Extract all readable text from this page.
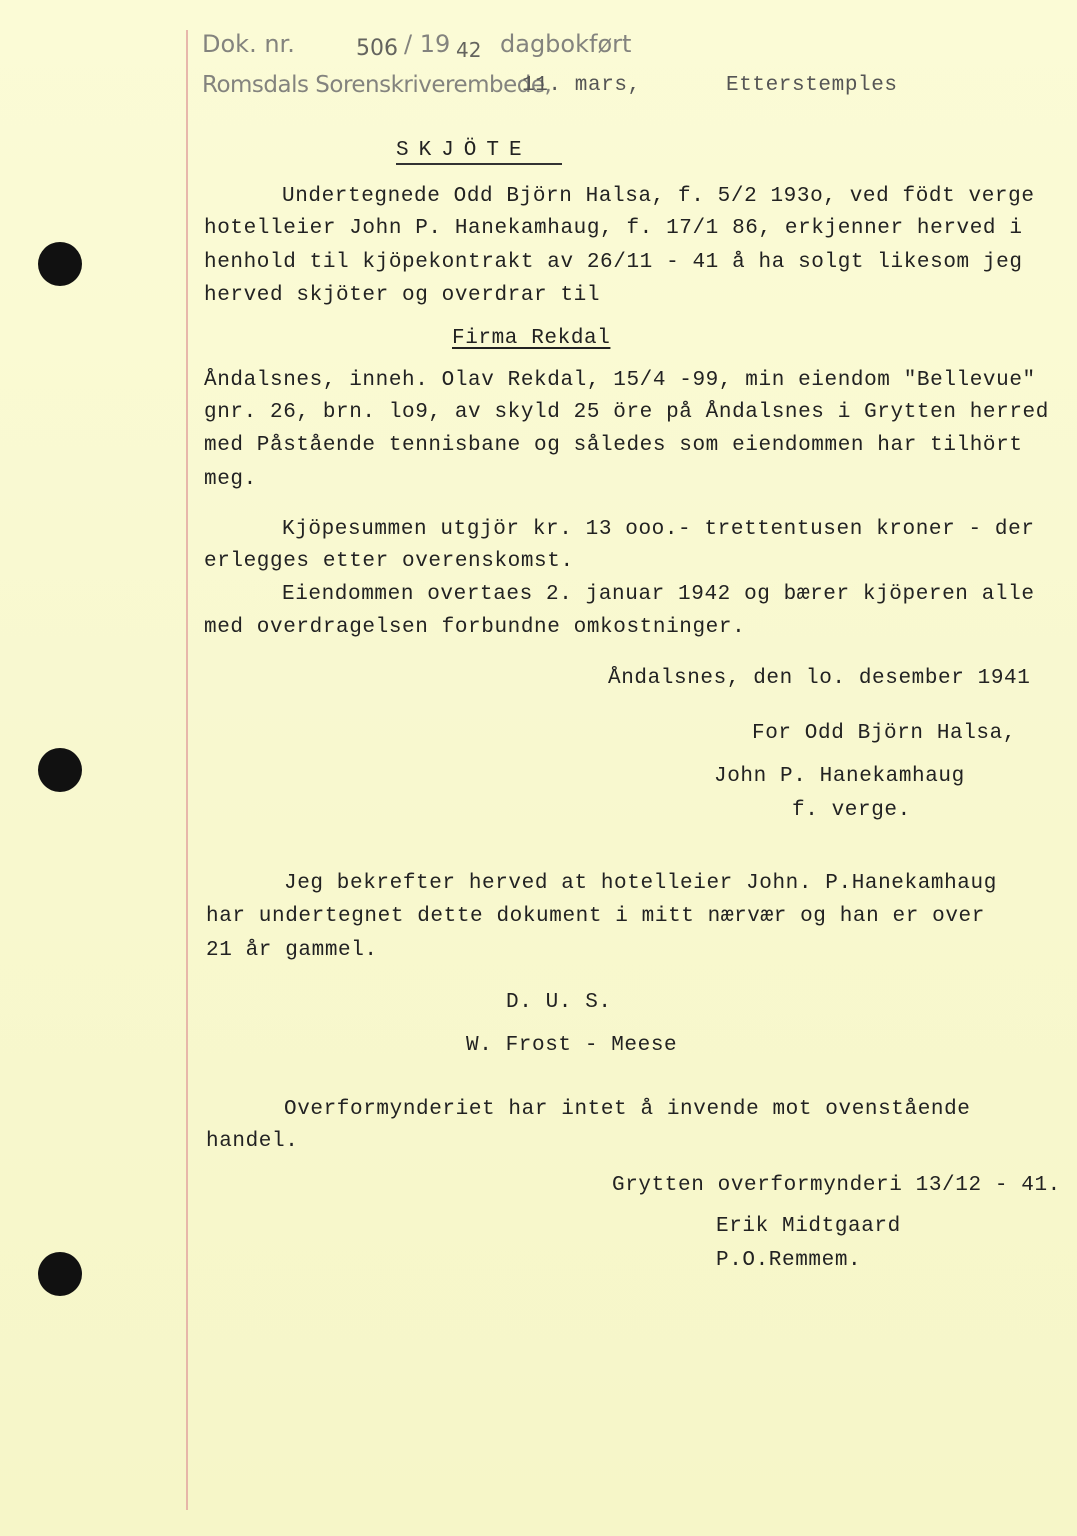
Dok. nr.	506 / 19 42 dagbokført
Romsdals Sorenskriverembede,
11. mars,	Etterstemples
SKJÖTE
Undertegnede Odd Björn Halsa, f. 5/2 193o, ved födt verge
hotelleier John P. Hanekamhaug, f. 17/1 86, erkjenner herved i
henhold til kjöpekontrakt av 26/11 - 41 å ha solgt likesom jeg
herved skjöter og overdrar til
Firma Rekdal
Åndalsnes, inneh. Olav Rekdal, 15/4 -99, min eiendom "Bellevue"
gnr. 26, brn. lo9, av skyld 25 öre på Åndalsnes i Grytten herred
med Påstående tennisbane og således som eiendommen har tilhört
meg.
Kjöpesummen utgjör kr. 13 ooo.- trettentusen kroner - der
erlegges etter overenskomst.
Eiendommen overtaes 2. januar 1942 og bærer kjöperen alle
med overdragelsen forbundne omkostninger.
Åndalsnes, den lo. desember 1941
For Odd Björn Halsa,
John P. Hanekamhaug
f. verge.
Jeg bekrefter herved at hotelleier John. P.Hanekamhaug
har undertegnet dette dokument i mitt nærvær og han er over
21 år gammel.
D. U. S.
W. Frost - Meese
Overformynderiet har intet å invende mot ovenstående
handel.
Grytten overformynderi 13/12 - 41.
Erik Midtgaard
P.O.Remmem.
